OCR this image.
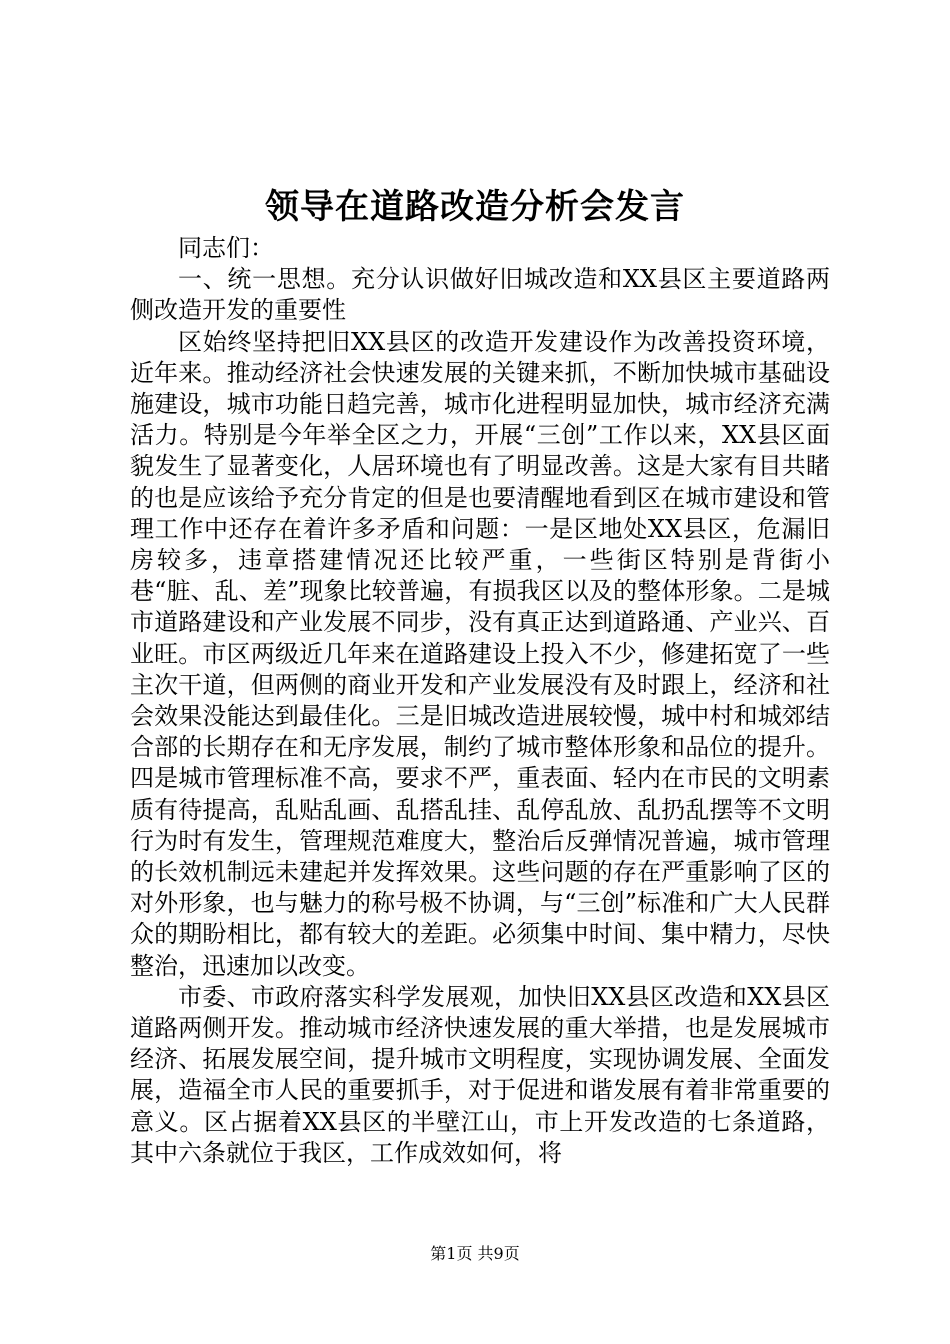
领导在道路改造分析会发言

同志们：

一、统一思想。充分认识做好旧城改造和XX县区主要道路两侧改造开发的重要性

区始终坚持把旧XX县区的改造开发建设作为改善投资环境，近年来。推动经济社会快速发展的关键来抓，不断加快城市基础设施建设，城市功能日趋完善，城市化进程明显加快，城市经济充满活力。特别是今年举全区之力，开展“三创”工作以来，XX县区面貌发生了显著变化，人居环境也有了明显改善。这是大家有目共睹的也是应该给予充分肯定的但是也要清醒地看到区在城市建设和管理工作中还存在着许多矛盾和问题：一是区地处XX县区，危漏旧房较多，违章搭建情况还比较严重，一些街区特别是背街小巷“脏、乱、差”现象比较普遍，有损我区以及的整体形象。二是城市道路建设和产业发展不同步，没有真正达到道路通、产业兴、百业旺。市区两级近几年来在道路建设上投入不少，修建拓宽了一些主次干道，但两侧的商业开发和产业发展没有及时跟上，经济和社会效果没能达到最佳化。三是旧城改造进展较慢，城中村和城郊结合部的长期存在和无序发展，制约了城市整体形象和品位的提升。四是城市管理标准不高，要求不严，重表面、轻内在市民的文明素质有待提高，乱贴乱画、乱搭乱挂、乱停乱放、乱扔乱摆等不文明行为时有发生，管理规范难度大，整治后反弹情况普遍，城市管理的长效机制远未建起并发挥效果。这些问题的存在严重影响了区的对外形象，也与魅力的称号极不协调，与“三创”标准和广大人民群众的期盼相比，都有较大的差距。必须集中时间、集中精力，尽快整治，迅速加以改变。

市委、市政府落实科学发展观，加快旧XX县区改造和XX县区道路两侧开发。推动城市经济快速发展的重大举措，也是发展城市经济、拓展发展空间，提升城市文明程度，实现协调发展、全面发展，造福全市人民的重要抓手，对于促进和谐发展有着非常重要的意义。区占据着XX县区的半壁江山，市上开发改造的七条道路，其中六条就位于我区，工作成效如何，将

第1页 共9页
